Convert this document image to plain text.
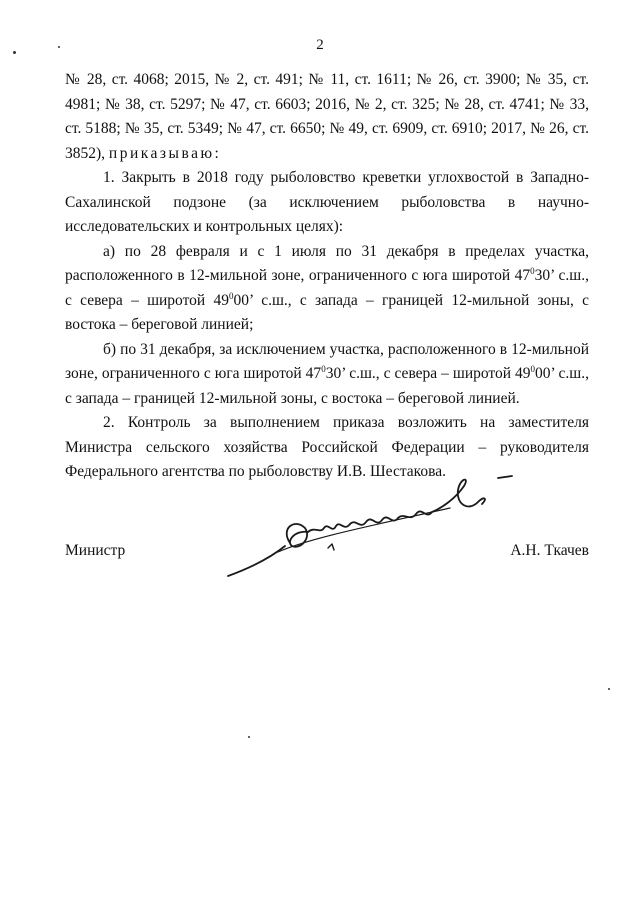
2

№ 28, ст. 4068; 2015, № 2, ст. 491; № 11, ст. 1611; № 26, ст. 3900; № 35, ст. 4981; № 38, ст. 5297; № 47, ст. 6603; 2016, № 2, ст. 325; № 28, ст. 4741; № 33, ст. 5188; № 35, ст. 5349; № 47, ст. 6650; № 49, ст. 6909, ст. 6910; 2017, № 26, ст. 3852), приказываю:

1. Закрыть в 2018 году рыболовство креветки углохвостой в Западно-Сахалинской подзоне (за исключением рыболовства в научно-исследовательских и контрольных целях):

а) по 28 февраля и с 1 июля по 31 декабря в пределах участка, расположенного в 12-мильной зоне, ограниченного с юга широтой $47^030$’ с.ш., с севера – широтой $49^000$’ с.ш., с запада – границей 12-мильной зоны, с востока – береговой линией;

б) по 31 декабря, за исключением участка, расположенного в 12-мильной зоне, ограниченного с юга широтой $47^030$’ с.ш., с севера – широтой $49^000$’ с.ш., с запада – границей 12-мильной зоны, с востока – береговой линией.

2. Контроль за выполнением приказа возложить на заместителя Министра сельского хозяйства Российской Федерации – руководителя Федерального агентства по рыболовству И.В. Шестакова.

Министр	А.Н. Ткачев
